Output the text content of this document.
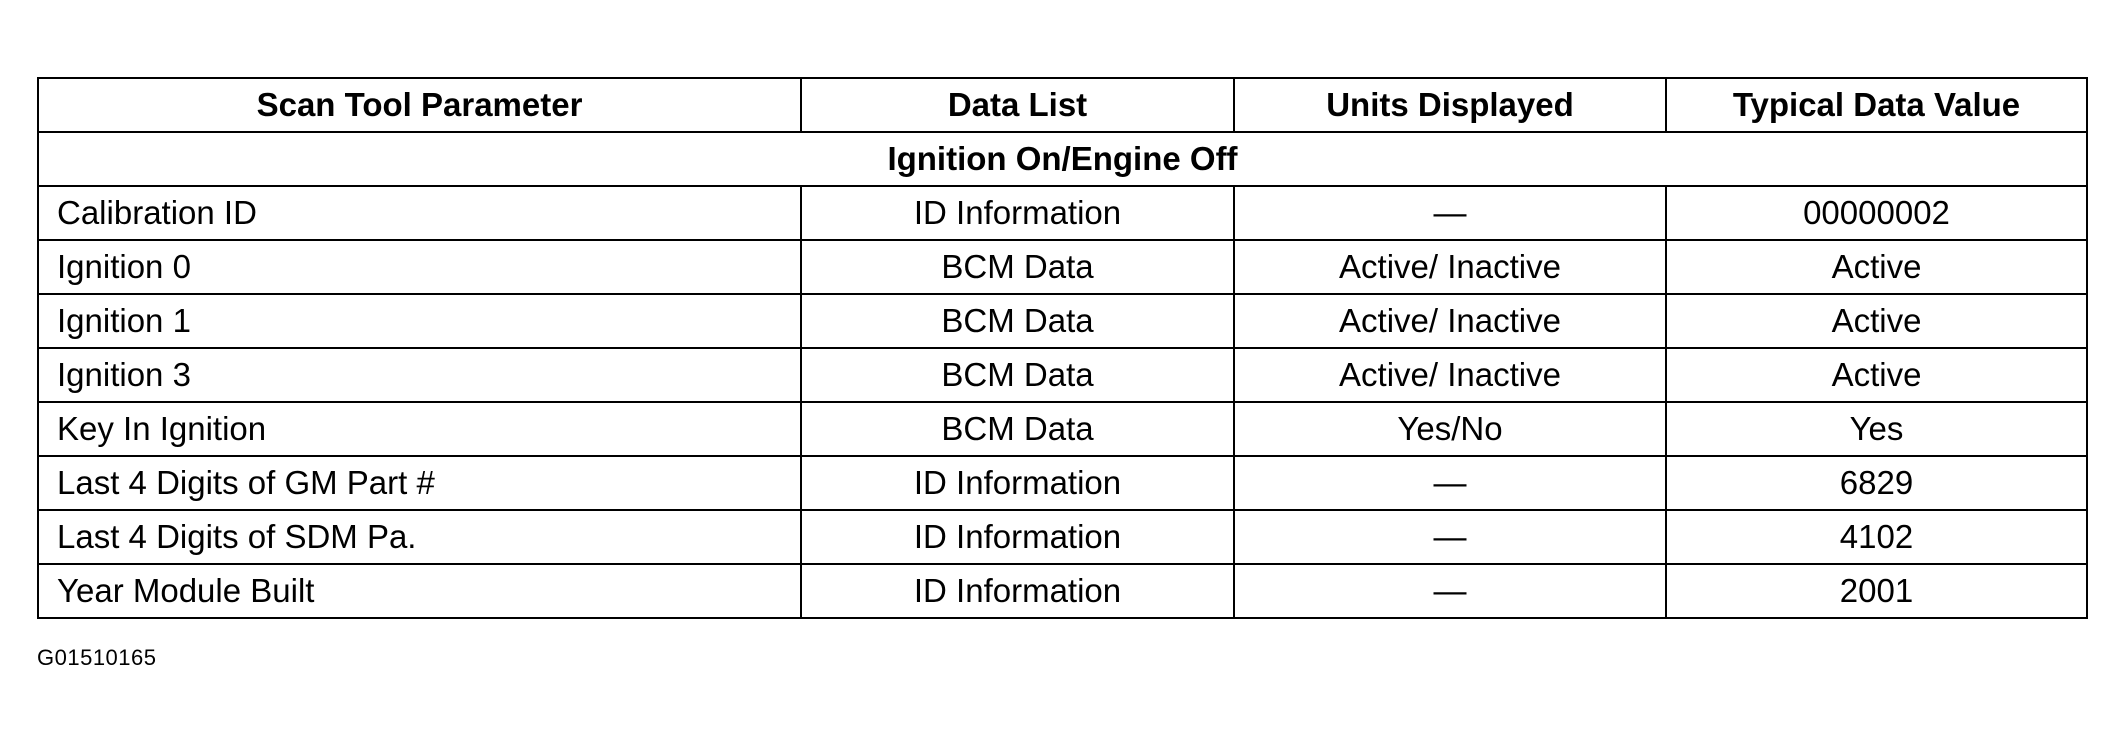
Scan Tool Parameter	Data List	Units Displayed	Typical Data Value
Ignition On/Engine Off			
Calibration ID	ID Information	—	00000002
Ignition 0	BCM Data	Active/ Inactive	Active
Ignition 1	BCM Data	Active/ Inactive	Active
Ignition 3	BCM Data	Active/ Inactive	Active
Key In Ignition	BCM Data	Yes/No	Yes
Last 4 Digits of GM Part #	ID Information	—	6829
Last 4 Digits of SDM Pa.	ID Information	—	4102
Year Module Built	ID Information	—	2001
G01510165
